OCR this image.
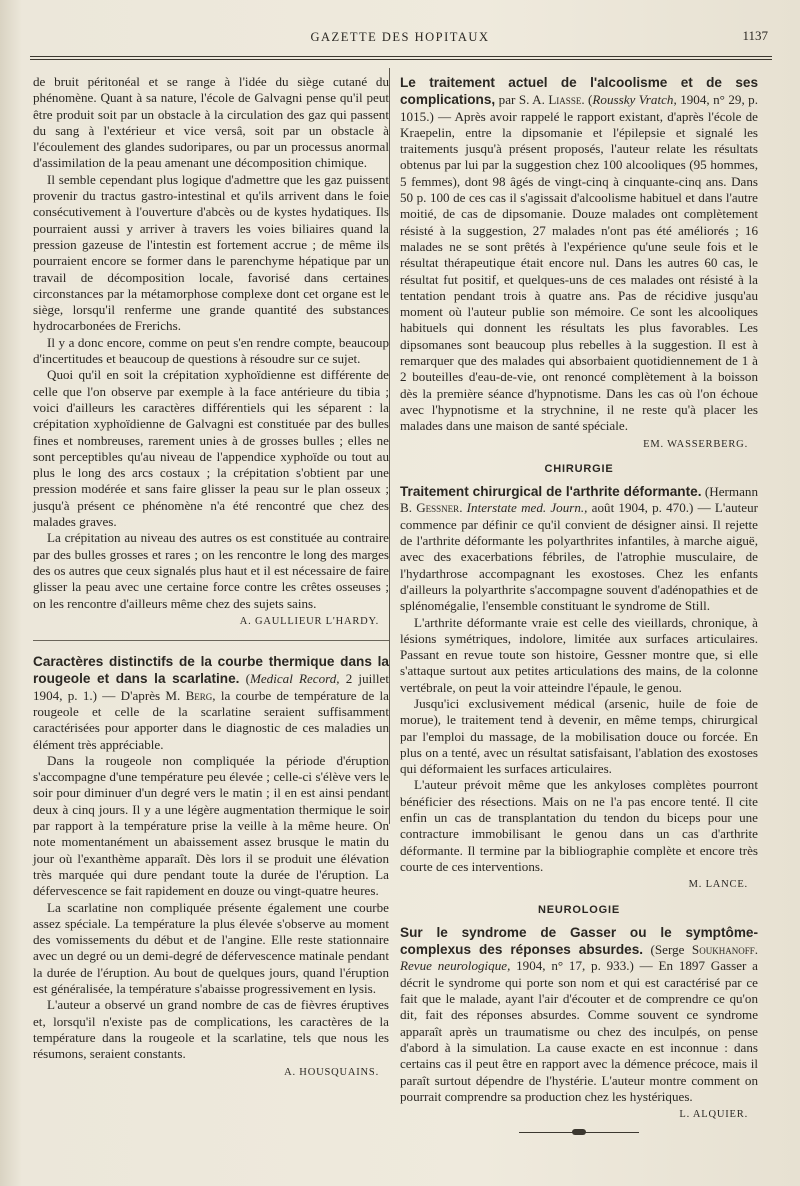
GAZETTE DES HOPITAUX	1137

de bruit péritonéal et se range à l'idée du siège cutané du phénomène. Quant à sa nature, l'école de Galvagni pense qu'il peut être produit soit par un obstacle à la circulation des gaz qui passent du sang à l'extérieur et vice versâ, soit par un obstacle à l'écoulement des glandes sudoripares, ou par un processus anormal d'assimilation de la peau amenant une décomposition chimique.

Il semble cependant plus logique d'admettre que les gaz puissent provenir du tractus gastro-intestinal et qu'ils arrivent dans le foie consécutivement à l'ouverture d'abcès ou de kystes hydatiques. Ils pourraient aussi y arriver à travers les voies biliaires quand la pression gazeuse de l'intestin est fortement accrue ; de même ils pourraient encore se former dans le parenchyme hépatique par un travail de décomposition locale, favorisé dans certaines circonstances par la métamorphose complexe dont cet organe est le siège, lorsqu'il renferme une grande quantité des substances hydrocarbonées de Frerichs.

Il y a donc encore, comme on peut s'en rendre compte, beaucoup d'incertitudes et beaucoup de questions à résoudre sur ce sujet.

Quoi qu'il en soit la crépitation xyphoïdienne est différente de celle que l'on observe par exemple à la face antérieure du tibia ; voici d'ailleurs les caractères différentiels qui les séparent : la crépitation xyphoïdienne de Galvagni est constituée par des bulles fines et nombreuses, rarement unies à de grosses bulles ; elles ne sont perceptibles qu'au niveau de l'appendice xyphoïde ou tout au plus le long des arcs costaux ; la crépitation s'obtient par une pression modérée et sans faire glisser la peau sur le plan osseux ; jusqu'à présent ce phénomène n'a été rencontré que chez des malades graves.

La crépitation au niveau des autres os est constituée au contraire par des bulles grosses et rares ; on les rencontre le long des marges des os autres que ceux signalés plus haut et il est nécessaire de faire glisser la peau avec une certaine force contre les crêtes osseuses ; on les rencontre d'ailleurs même chez des sujets sains.

A. GAULLIEUR L'HARDY.

Caractères distinctifs de la courbe thermique dans la rougeole et dans la scarlatine. (Medical Record, 2 juillet 1904, p. 1.) — D'après M. Berg, la courbe de température de la rougeole et celle de la scarlatine seraient suffisamment caractérisées pour apporter dans le diagnostic de ces maladies un élément très appréciable.

Dans la rougeole non compliquée la période d'éruption s'accompagne d'une température peu élevée ; celle-ci s'élève vers le soir pour diminuer d'un degré vers le matin ; il en est ainsi pendant deux à cinq jours. Il y a une légère augmentation thermique le soir par rapport à la température prise la veille à la même heure. On note momentanément un abaissement assez brusque le matin du jour où l'exanthème apparaît. Dès lors il se produit une élévation très marquée qui dure pendant toute la durée de l'éruption. La défervescence se fait rapidement en douze ou vingt-quatre heures.

La scarlatine non compliquée présente également une courbe assez spéciale. La température la plus élevée s'observe au moment des vomissements du début et de l'angine. Elle reste stationnaire avec un degré ou un demi-degré de défervescence matinale pendant la durée de l'éruption. Au bout de quelques jours, quand l'éruption est généralisée, la température s'abaisse progressivement en lysis.

L'auteur a observé un grand nombre de cas de fièvres éruptives et, lorsqu'il n'existe pas de complications, les caractères de la température dans la rougeole et la scarlatine, tels que nous les résumons, seraient constants.

A. HOUSQUAINS.

Le traitement actuel de l'alcoolisme et de ses complications, par S. A. Liasse. (Roussky Vratch, 1904, n° 29, p. 1015.) — Après avoir rappelé le rapport existant, d'après l'école de Kraepelin, entre la dipsomanie et l'épilepsie et signalé les traitements jusqu'à présent proposés, l'auteur relate les résultats obtenus par lui par la suggestion chez 100 alcooliques (95 hommes, 5 femmes), dont 98 âgés de vingt-cinq à cinquante-cinq ans. Dans 50 p. 100 de ces cas il s'agissait d'alcoolisme habituel et dans l'autre moitié, de cas de dipsomanie. Douze malades ont complètement résisté à la suggestion, 27 malades n'ont pas été améliorés ; 16 malades ne se sont prêtés à l'expérience qu'une seule fois et le résultat thérapeutique était encore nul. Dans les autres 60 cas, le résultat fut positif, et quelques-uns de ces malades ont résisté à la tentation pendant trois à quatre ans. Pas de récidive jusqu'au moment où l'auteur publie son mémoire. Ce sont les alcooliques habituels qui donnent les résultats les plus favorables. Les dipsomanes sont beaucoup plus rebelles à la suggestion. Il est à remarquer que des malades qui absorbaient quotidiennement de 1 à 2 bouteilles d'eau-de-vie, ont renoncé complètement à la boisson dès la première séance d'hypnotisme. Dans les cas où l'on échoue avec l'hypnotisme et la strychnine, il ne reste qu'à placer les malades dans une maison de santé spéciale.

EM. WASSERBERG.
CHIRURGIE

Traitement chirurgical de l'arthrite déformante. (Hermann B. Gessner. Interstate med. Journ., août 1904, p. 470.) — L'auteur commence par définir ce qu'il convient de désigner ainsi. Il rejette de l'arthrite déformante les polyarthrites infantiles, à marche aiguë, avec des exacerbations fébriles, de l'atrophie musculaire, de l'hydarthrose accompagnant les exostoses. Chez les enfants d'ailleurs la polyarthrite s'accompagne souvent d'adénopathies et de splénomégalie, l'ensemble constituant le syndrome de Still.

L'arthrite déformante vraie est celle des vieillards, chronique, à lésions symétriques, indolore, limitée aux surfaces articulaires. Passant en revue toute son histoire, Gessner montre que, si elle s'attaque surtout aux petites articulations des mains, de la colonne vertébrale, on peut la voir atteindre l'épaule, le genou.

Jusqu'ici exclusivement médical (arsenic, huile de foie de morue), le traitement tend à devenir, en même temps, chirurgical par l'emploi du massage, de la mobilisation douce ou forcée. En plus on a tenté, avec un résultat satisfaisant, l'ablation des exostoses qui déformaient les surfaces articulaires.

L'auteur prévoit même que les ankyloses complètes pourront bénéficier des résections. Mais on ne l'a pas encore tenté. Il cite enfin un cas de transplantation du tendon du biceps pour une contracture immobilisant le genou dans un cas d'arthrite déformante. Il termine par la bibliographie complète et encore très courte de ces interventions.

M. LANCE.
NEUROLOGIE

Sur le syndrome de Gasser ou le symptôme-complexus des réponses absurdes. (Serge Soukhanoff. Revue neurologique, 1904, n° 17, p. 933.) — En 1897 Gasser a décrit le syndrome qui porte son nom et qui est caractérisé par ce fait que le malade, ayant l'air d'écouter et de comprendre ce qu'on dit, fait des réponses absurdes. Comme souvent ce syndrome apparaît après un traumatisme ou chez des inculpés, on pense d'abord à la simulation. La cause exacte en est inconnue : dans certains cas il peut être en rapport avec la démence précoce, mais il paraît surtout dépendre de l'hystérie. L'auteur montre comment on pourrait comprendre sa production chez les hystériques.

L. ALQUIER.
